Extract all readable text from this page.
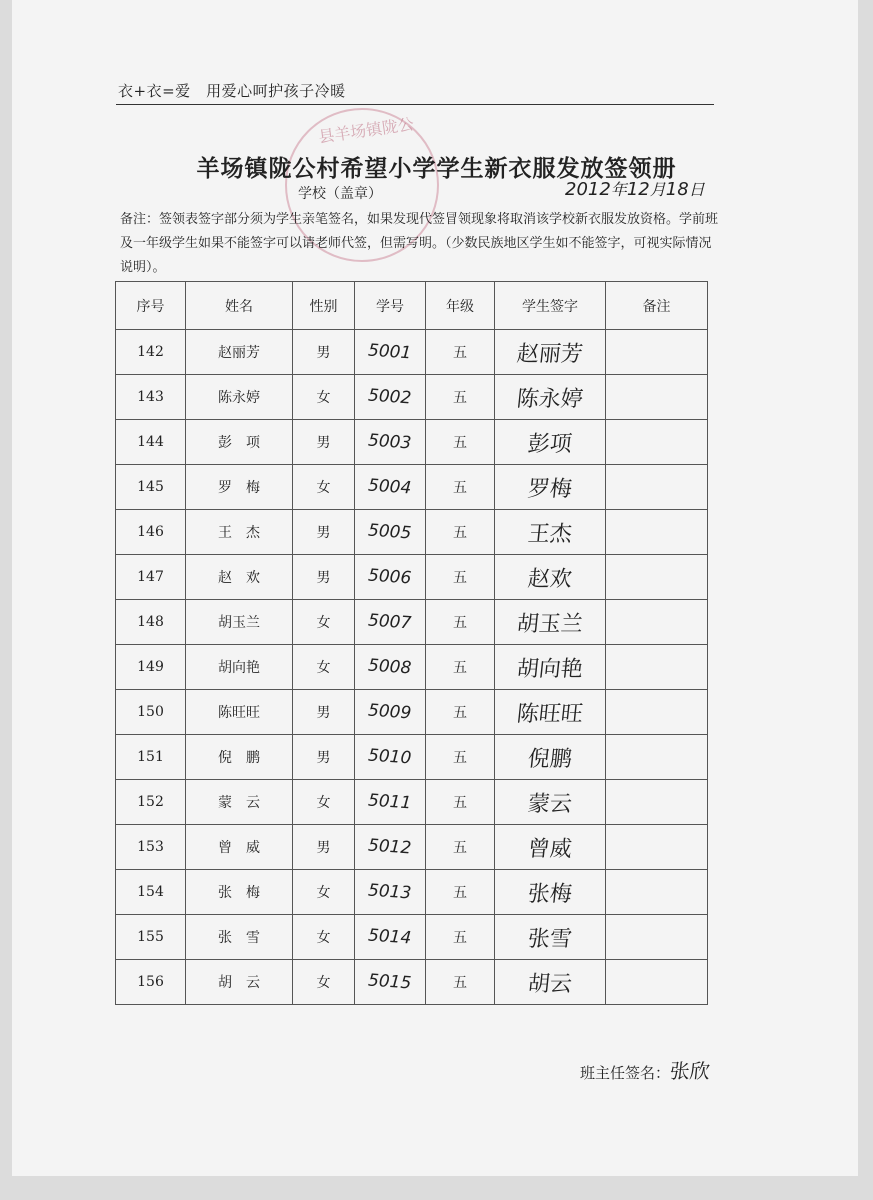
衣+衣=爱　用爱心呵护孩子冷暖
县羊场镇陇公
羊场镇陇公村希望小学学生新衣服发放签领册
学校（盖章）	2012年12月18日
备注：签领表签字部分须为学生亲笔签名，如果发现代签冒领现象将取消该学校新衣服发放资格。学前班及一年级学生如果不能签字可以请老师代签，但需写明。（少数民族地区学生如不能签字，可视实际情况说明）。
序号	姓名	性别	学号	年级	学生签字	备注
142	赵丽芳	男	5001	五	赵丽芳	
143	陈永婷	女	5002	五	陈永婷	
144	彭　项	男	5003	五	彭项	
145	罗　梅	女	5004	五	罗梅	
146	王　杰	男	5005	五	王杰	
147	赵　欢	男	5006	五	赵欢	
148	胡玉兰	女	5007	五	胡玉兰	
149	胡向艳	女	5008	五	胡向艳	
150	陈旺旺	男	5009	五	陈旺旺	
151	倪　鹏	男	5010	五	倪鹏	
152	蒙　云	女	5011	五	蒙云	
153	曾　威	男	5012	五	曾威	
154	张　梅	女	5013	五	张梅	
155	张　雪	女	5014	五	张雪	
156	胡　云	女	5015	五	胡云	
班主任签名：张欣
